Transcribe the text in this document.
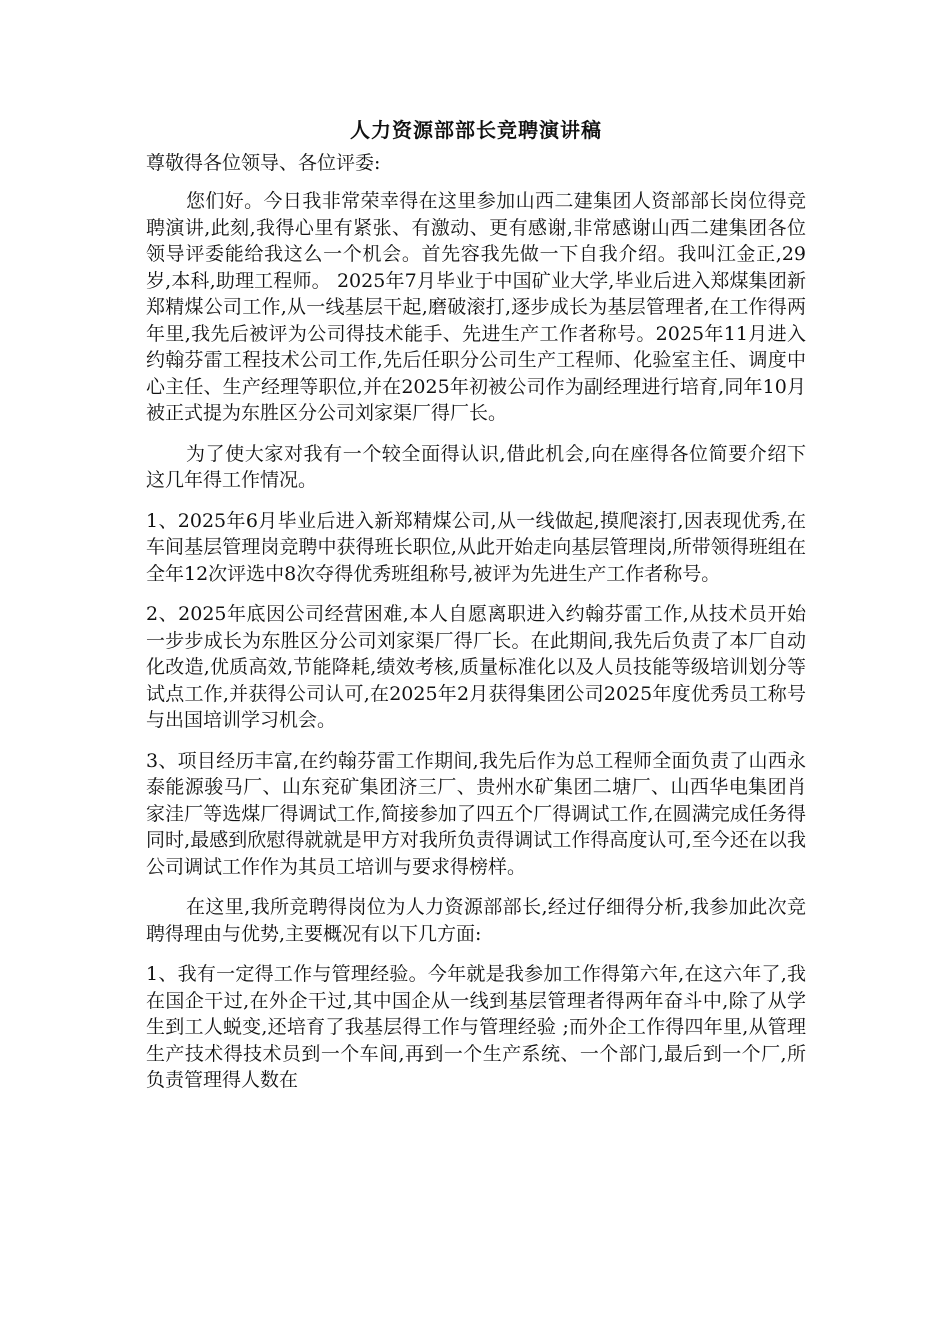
人力资源部部长竞聘演讲稿
尊敬得各位领导、各位评委:

您们好。今日我非常荣幸得在这里参加山西二建集团人资部部长岗位得竞聘演讲,此刻,我得心里有紧张、有激动、更有感谢,非常感谢山西二建集团各位领导评委能给我这么一个机会。首先容我先做一下自我介绍。我叫江金正,29岁,本科,助理工程师。 2025年7月毕业于中国矿业大学,毕业后进入郑煤集团新郑精煤公司工作,从一线基层干起,磨破滚打,逐步成长为基层管理者,在工作得两年里,我先后被评为公司得技术能手、先进生产工作者称号。2025年11月进入约翰芬雷工程技术公司工作,先后任职分公司生产工程师、化验室主任、调度中心主任、生产经理等职位,并在2025年初被公司作为副经理进行培育,同年10月被正式提为东胜区分公司刘家渠厂得厂长。

为了使大家对我有一个较全面得认识,借此机会,向在座得各位简要介绍下这几年得工作情况。

1、2025年6月毕业后进入新郑精煤公司,从一线做起,摸爬滚打,因表现优秀,在车间基层管理岗竞聘中获得班长职位,从此开始走向基层管理岗,所带领得班组在全年12次评选中8次夺得优秀班组称号,被评为先进生产工作者称号。

2、2025年底因公司经营困难,本人自愿离职进入约翰芬雷工作,从技术员开始一步步成长为东胜区分公司刘家渠厂得厂长。在此期间,我先后负责了本厂自动化改造,优质高效,节能降耗,绩效考核,质量标准化以及人员技能等级培训划分等试点工作,并获得公司认可,在2025年2月获得集团公司2025年度优秀员工称号与出国培训学习机会。

3、项目经历丰富,在约翰芬雷工作期间,我先后作为总工程师全面负责了山西永泰能源骏马厂、山东兖矿集团济三厂、贵州水矿集团二塘厂、山西华电集团肖家洼厂等选煤厂得调试工作,简接参加了四五个厂得调试工作,在圆满完成任务得同时,最感到欣慰得就就是甲方对我所负责得调试工作得高度认可,至今还在以我公司调试工作作为其员工培训与要求得榜样。

在这里,我所竞聘得岗位为人力资源部部长,经过仔细得分析,我参加此次竞聘得理由与优势,主要概况有以下几方面:

1、我有一定得工作与管理经验。今年就是我参加工作得第六年,在这六年了,我在国企干过,在外企干过,其中国企从一线到基层管理者得两年奋斗中,除了从学生到工人蜕变,还培育了我基层得工作与管理经验 ;而外企工作得四年里,从管理生产技术得技术员到一个车间,再到一个生产系统、一个部门,最后到一个厂,所负责管理得人数在
